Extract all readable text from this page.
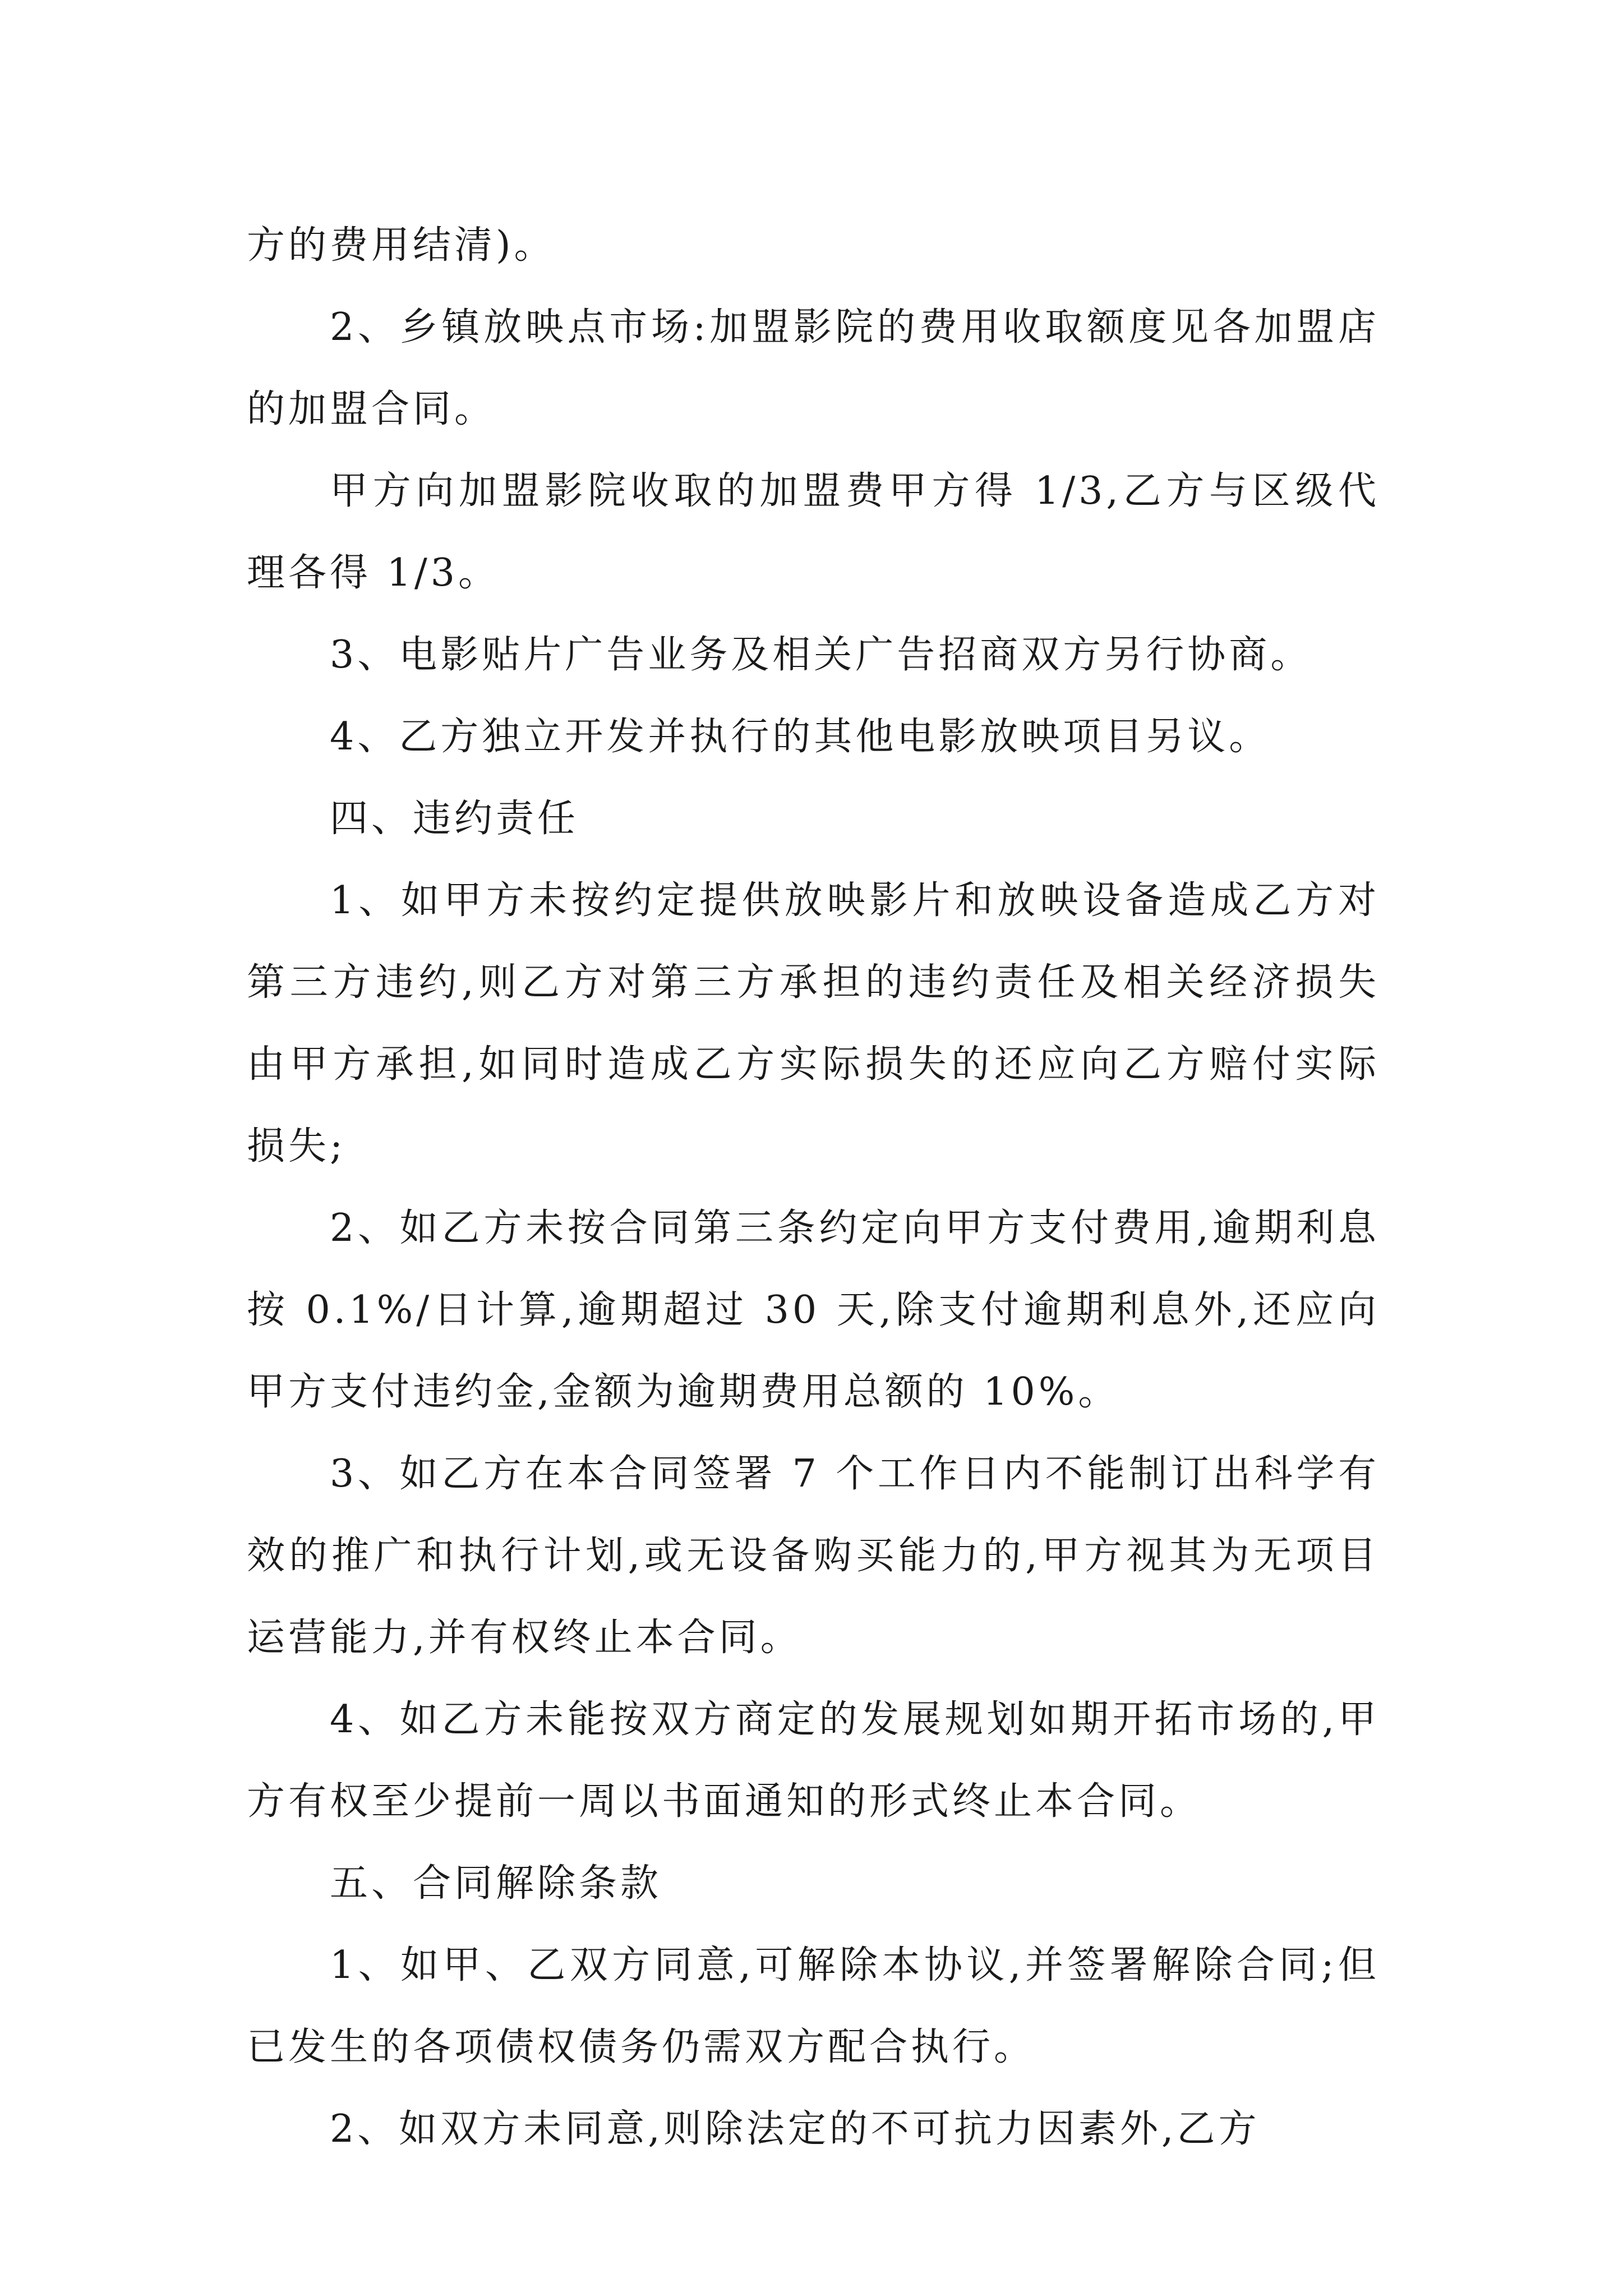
方的费用结清)。

2、乡镇放映点市场:加盟影院的费用收取额度见各加盟店的加盟合同。

甲方向加盟影院收取的加盟费甲方得 1/3,乙方与区级代理各得 1/3。

3、电影贴片广告业务及相关广告招商双方另行协商。

4、乙方独立开发并执行的其他电影放映项目另议。

四、违约责任

1、如甲方未按约定提供放映影片和放映设备造成乙方对第三方违约,则乙方对第三方承担的违约责任及相关经济损失由甲方承担,如同时造成乙方实际损失的还应向乙方赔付实际损失;

2、如乙方未按合同第三条约定向甲方支付费用,逾期利息按 0.1%/日计算,逾期超过 30 天,除支付逾期利息外,还应向甲方支付违约金,金额为逾期费用总额的 10%。

3、如乙方在本合同签署 7 个工作日内不能制订出科学有效的推广和执行计划,或无设备购买能力的,甲方视其为无项目运营能力,并有权终止本合同。

4、如乙方未能按双方商定的发展规划如期开拓市场的,甲方有权至少提前一周以书面通知的形式终止本合同。

五、合同解除条款

1、如甲、乙双方同意,可解除本协议,并签署解除合同;但已发生的各项债权债务仍需双方配合执行。

2、如双方未同意,则除法定的不可抗力因素外,乙方
